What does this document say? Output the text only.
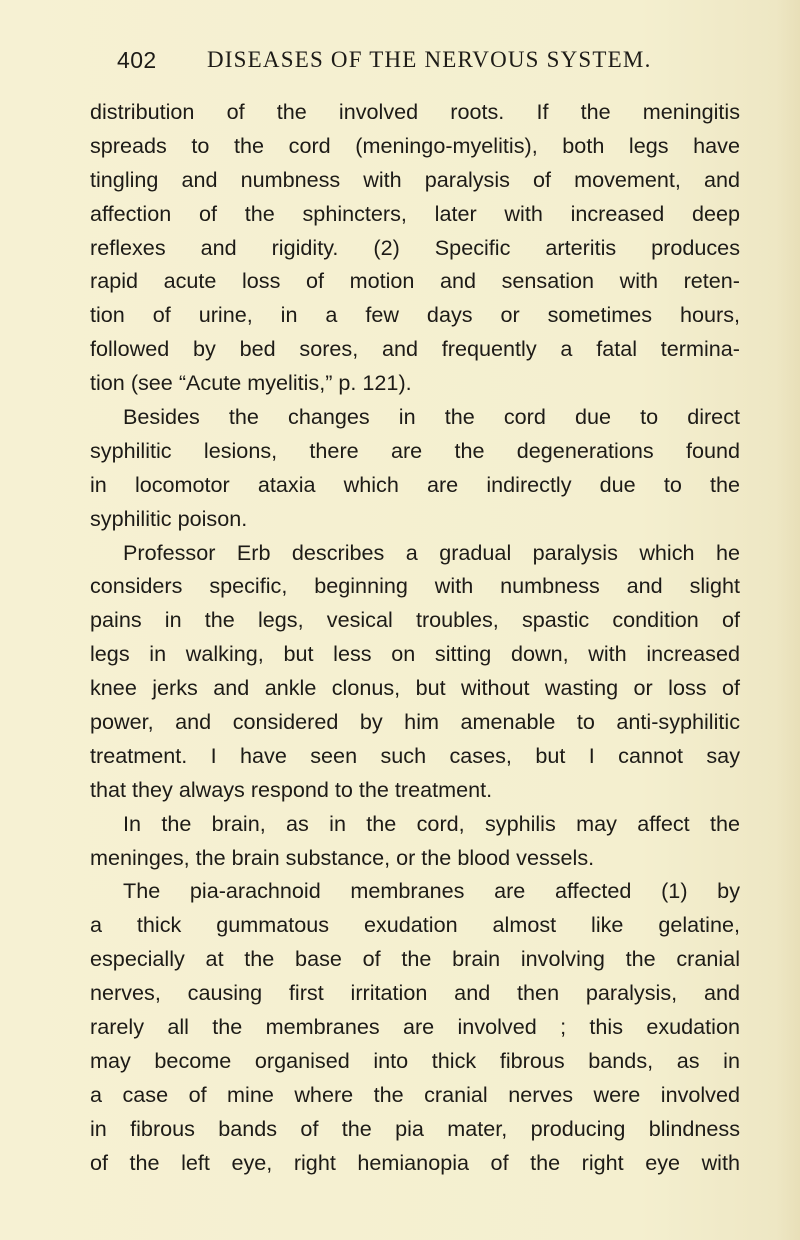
402 DISEASES OF THE NERVOUS SYSTEM.
distribution of the involved roots. If the meningitis
spreads to the cord (meningo-myelitis), both legs have
tingling and numbness with paralysis of movement, and
affection of the sphincters, later with increased deep
reflexes and rigidity. (2) Specific arteritis produces
rapid acute loss of motion and sensation with reten-
tion of urine, in a few days or sometimes hours,
followed by bed sores, and frequently a fatal termina-
tion (see “Acute myelitis,” p. 121).
Besides the changes in the cord due to direct
syphilitic lesions, there are the degenerations found
in locomotor ataxia which are indirectly due to the
syphilitic poison.
Professor Erb describes a gradual paralysis which he
considers specific, beginning with numbness and slight
pains in the legs, vesical troubles, spastic condition of
legs in walking, but less on sitting down, with increased
knee jerks and ankle clonus, but without wasting or loss of
power, and considered by him amenable to anti-syphilitic
treatment. I have seen such cases, but I cannot say
that they always respond to the treatment.
In the brain, as in the cord, syphilis may affect the
meninges, the brain substance, or the blood vessels.
The pia-arachnoid membranes are affected (1) by
a thick gummatous exudation almost like gelatine,
especially at the base of the brain involving the cranial
nerves, causing first irritation and then paralysis, and
rarely all the membranes are involved ; this exudation
may become organised into thick fibrous bands, as in
a case of mine where the cranial nerves were involved
in fibrous bands of the pia mater, producing blindness
of the left eye, right hemianopia of the right eye with
